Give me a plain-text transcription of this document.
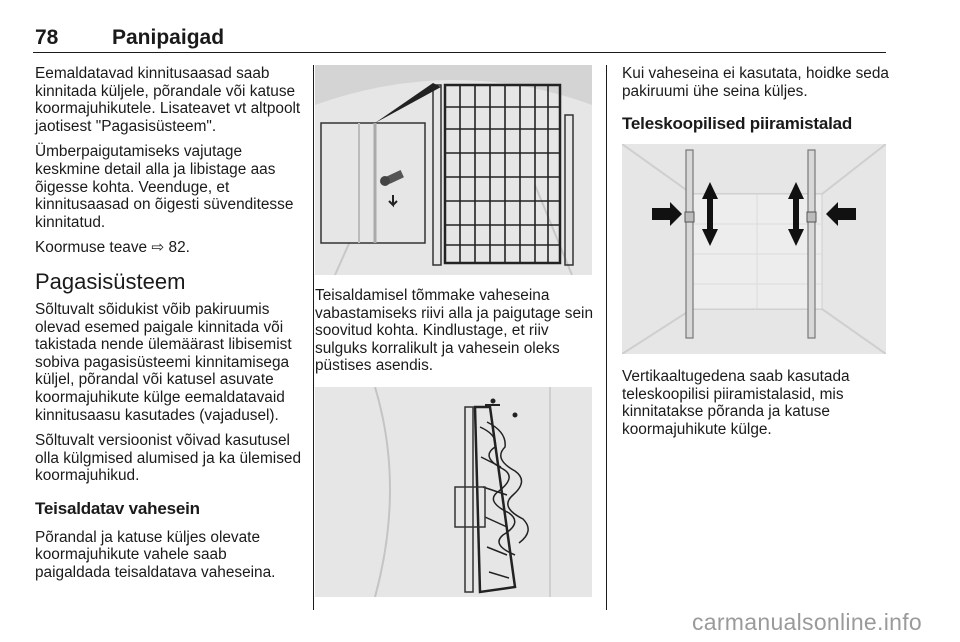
78	Panipaigad

Eemaldatavad kinnitusaasad saab kinnitada küljele, põrandale või katuse koormajuhikutele. Lisateavet vt altpoolt jaotisest "Pagasisüsteem".

Ümberpaigutamiseks vajutage keskmine detail alla ja libistage aas õigesse kohta. Veenduge, et kinnitusaasad on õigesti süvenditesse kinnitatud.

Koormuse teave ⇨ 82.

Pagasisüsteem

Sõltuvalt sõidukist võib pakiruumis olevad esemed paigale kinnitada või takistada nende ülemäärast libisemist sobiva pagasisüsteemi kinnitamisega küljel, põrandal või katusel asuvate koormajuhikute külge eemaldatavaid kinnitusaasu kasutades (vajadusel).

Sõltuvalt versioonist võivad kasutusel olla külgmised alumised ja ka ülemised koormajuhikud.

Teisaldatav vahesein

Põrandal ja katuse küljes olevate koormajuhikute vahele saab paigaldada teisaldatava vaheseina.

Teisaldamisel tõmmake vaheseina vabastamiseks riivi alla ja paigutage sein soovitud kohta. Kindlustage, et riiv sulguks korralikult ja vahesein oleks püstises asendis.

Kui vaheseina ei kasutata, hoidke seda pakiruumi ühe seina küljes.

Teleskoopilised piiramistalad

Vertikaaltugedena saab kasutada teleskoopilisi piiramistalasid, mis kinnitatakse põranda ja katuse koormajuhikute külge.

carmanualsonline.info
